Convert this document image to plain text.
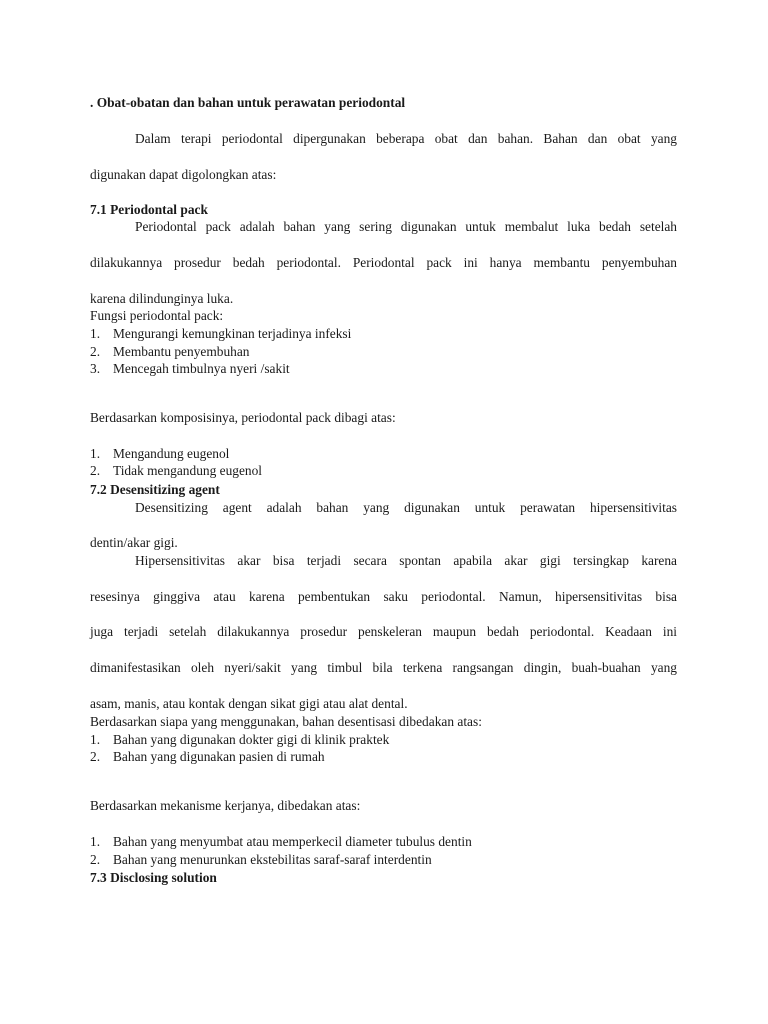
. Obat-obatan dan bahan untuk perawatan periodontal
Dalam terapi periodontal dipergunakan beberapa obat dan bahan. Bahan dan obat yang
digunakan dapat digolongkan atas:
7.1 Periodontal pack
Periodontal pack adalah bahan yang sering digunakan untuk membalut luka bedah setelah
dilakukannya prosedur bedah periodontal. Periodontal pack ini hanya membantu penyembuhan
karena dilindunginya luka.
Fungsi periodontal pack:
1. Mengurangi kemungkinan terjadinya infeksi
2. Membantu penyembuhan
3. Mencegah timbulnya nyeri /sakit
Berdasarkan komposisinya, periodontal pack dibagi atas:
1. Mengandung eugenol
2. Tidak mengandung eugenol
7.2 Desensitizing agent
Desensitizing agent adalah bahan yang digunakan untuk perawatan hipersensitivitas
dentin/akar gigi.
Hipersensitivitas akar bisa terjadi secara spontan apabila akar gigi tersingkap karena
resesinya ginggiva atau karena pembentukan saku periodontal. Namun, hipersensitivitas bisa
juga terjadi setelah dilakukannya prosedur penskeleran maupun bedah periodontal. Keadaan ini
dimanifestasikan oleh nyeri/sakit yang timbul bila terkena rangsangan dingin, buah-buahan yang
asam, manis, atau kontak dengan sikat gigi atau alat dental.
Berdasarkan siapa yang menggunakan, bahan desentisasi dibedakan atas:
1. Bahan yang digunakan dokter gigi di klinik praktek
2. Bahan yang digunakan pasien di rumah
Berdasarkan mekanisme kerjanya, dibedakan atas:
1. Bahan yang menyumbat atau memperkecil diameter tubulus dentin
2. Bahan yang menurunkan ekstebilitas saraf-saraf interdentin
7.3 Disclosing solution
